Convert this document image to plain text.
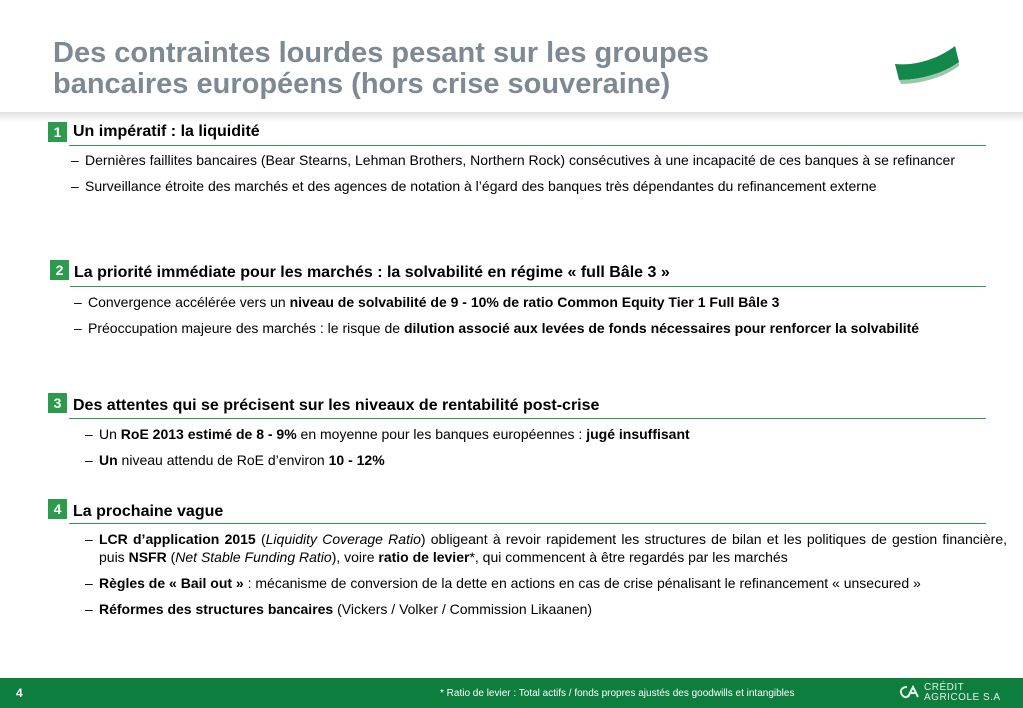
Des contraintes lourdes pesant sur les groupes
bancaires européens (hors crise souveraine)
1 Un impératif : la liquidité
– Dernières faillites bancaires (Bear Stearns, Lehman Brothers, Northern Rock) consécutives à une incapacité de ces banques à se refinancer
– Surveillance étroite des marchés et des agences de notation à l’égard des banques très dépendantes du refinancement externe
2 La priorité immédiate pour les marchés : la solvabilité en régime « full Bâle 3 »
– Convergence accélérée vers un niveau de solvabilité de 9 - 10% de ratio Common Equity Tier 1 Full Bâle 3
– Préoccupation majeure des marchés : le risque de dilution associé aux levées de fonds nécessaires pour renforcer la solvabilité
3 Des attentes qui se précisent sur les niveaux de rentabilité post-crise
– Un RoE 2013 estimé de 8 - 9% en moyenne pour les banques européennes : jugé insuffisant
– Un niveau attendu de RoE d’environ 10 - 12%
4 La prochaine vague
– LCR d’application 2015 (Liquidity Coverage Ratio) obligeant à revoir rapidement les structures de bilan et les politiques de gestion financière, puis NSFR (Net Stable Funding Ratio), voire ratio de levier*, qui commencent à être regardés par les marchés
– Règles de « Bail out » : mécanisme de conversion de la dette en actions en cas de crise pénalisant le refinancement « unsecured »
– Réformes des structures bancaires (Vickers / Volker / Commission Likaanen)
4	* Ratio de levier : Total actifs / fonds propres ajustés des goodwills et intangibles
CRÉDIT
AGRICOLE S.A
